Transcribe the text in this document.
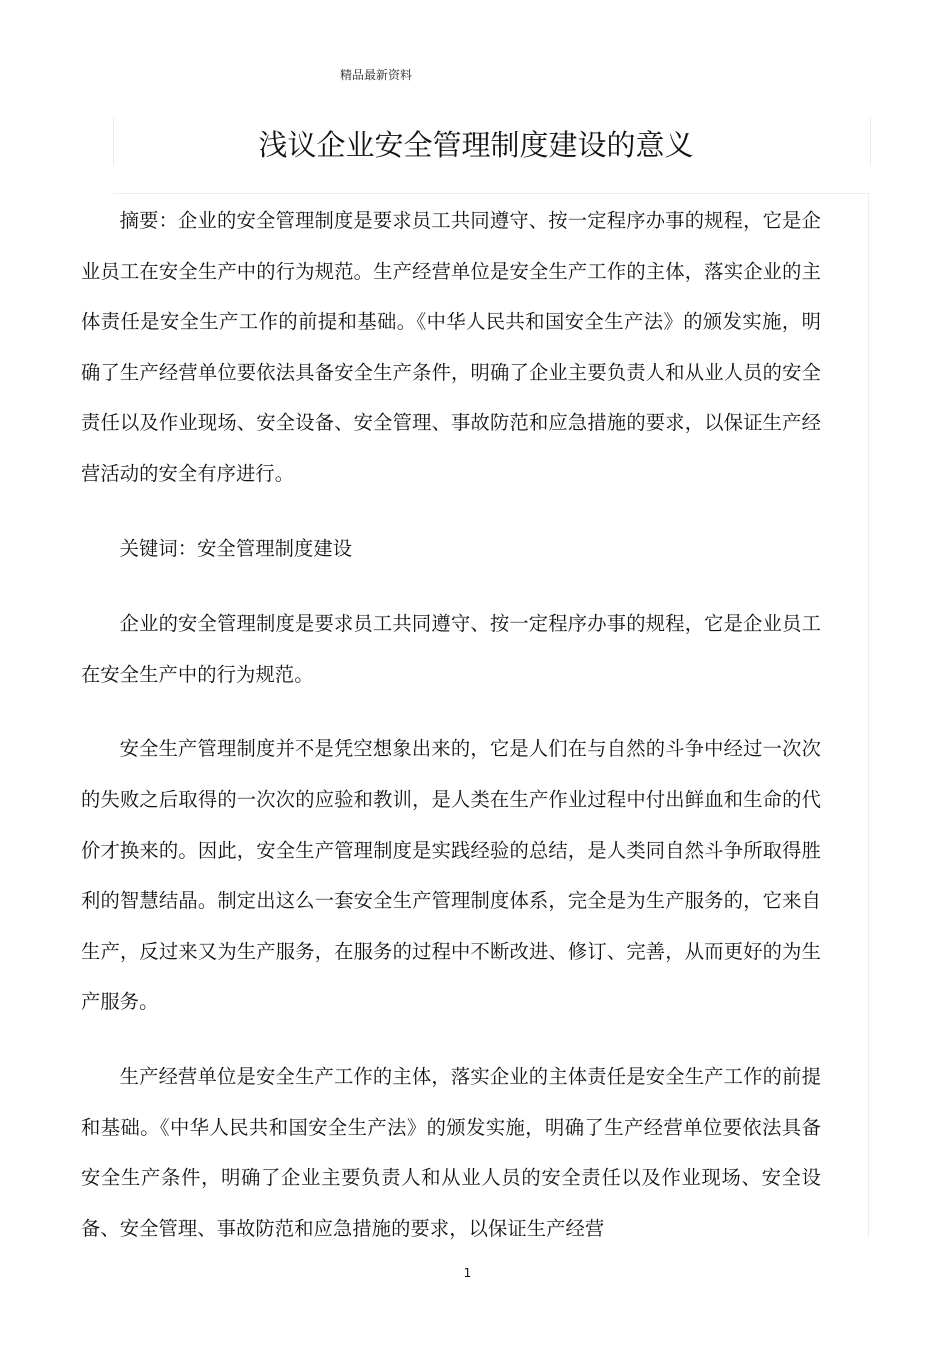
精品最新资料
浅议企业安全管理制度建设的意义

摘要：企业的安全管理制度是要求员工共同遵守、按一定程序办事的规程，它是企业员工在安全生产中的行为规范。生产经营单位是安全生产工作的主体，落实企业的主体责任是安全生产工作的前提和基础。《中华人民共和国安全生产法》的颁发实施，明确了生产经营单位要依法具备安全生产条件，明确了企业主要负责人和从业人员的安全责任以及作业现场、安全设备、安全管理、事故防范和应急措施的要求，以保证生产经营活动的安全有序进行。

关键词：安全管理制度建设

企业的安全管理制度是要求员工共同遵守、按一定程序办事的规程，它是企业员工在安全生产中的行为规范。

安全生产管理制度并不是凭空想象出来的，它是人们在与自然的斗争中经过一次次的失败之后取得的一次次的应验和教训，是人类在生产作业过程中付出鲜血和生命的代价才换来的。因此，安全生产管理制度是实践经验的总结，是人类同自然斗争所取得胜利的智慧结晶。制定出这么一套安全生产管理制度体系，完全是为生产服务的，它来自生产，反过来又为生产服务，在服务的过程中不断改进、修订、完善，从而更好的为生产服务。

生产经营单位是安全生产工作的主体，落实企业的主体责任是安全生产工作的前提和基础。《中华人民共和国安全生产法》的颁发实施，明确了生产经营单位要依法具备安全生产条件，明确了企业主要负责人和从业人员的安全责任以及作业现场、安全设备、安全管理、事故防范和应急措施的要求，以保证生产经营

1
